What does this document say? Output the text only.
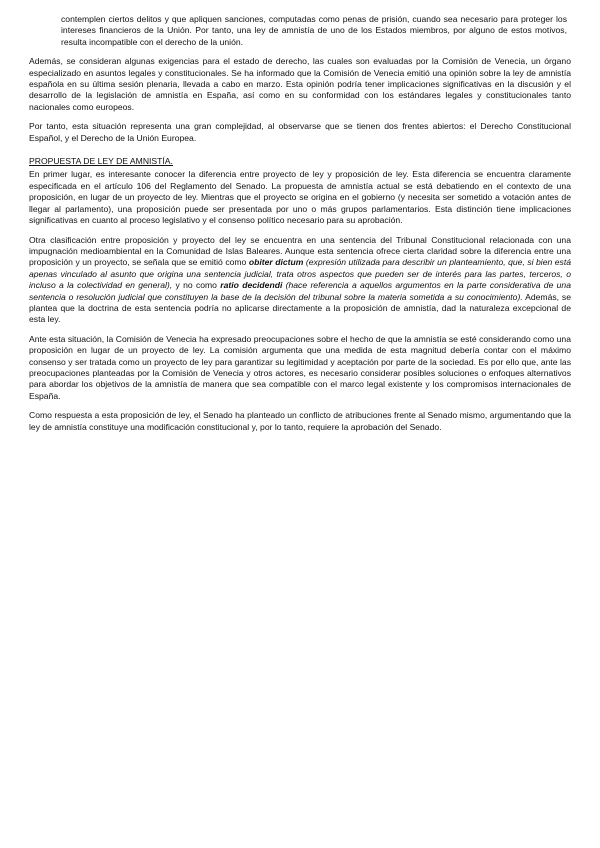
contemplen ciertos delitos y que apliquen sanciones, computadas como penas de prisión, cuando sea necesario para proteger los intereses financieros de la Unión. Por tanto, una ley de amnistía de uno de los Estados miembros, por alguno de estos motivos, resulta incompatible con el derecho de la unión.

Además, se consideran algunas exigencias para el estado de derecho, las cuales son evaluadas por la Comisión de Venecia, un órgano especializado en asuntos legales y constitucionales. Se ha informado que la Comisión de Venecia emitió una opinión sobre la ley de amnistía española en su última sesión plenaria, llevada a cabo en marzo. Esta opinión podría tener implicaciones significativas en la discusión y el desarrollo de la legislación de amnistía en España, así como en su conformidad con los estándares legales y constitucionales tanto nacionales como europeos.

Por tanto, esta situación representa una gran complejidad, al observarse que se tienen dos frentes abiertos: el Derecho Constitucional Español, y el Derecho de la Unión Europea.

PROPUESTA DE LEY DE AMNISTÍA.

En primer lugar, es interesante conocer la diferencia entre proyecto de ley y proposición de ley. Esta diferencia se encuentra claramente especificada en el artículo 106 del Reglamento del Senado. La propuesta de amnistía actual se está debatiendo en el contexto de una proposición, en lugar de un proyecto de ley. Mientras que el proyecto se origina en el gobierno (y necesita ser sometido a votación antes de llegar al parlamento), una proposición puede ser presentada por uno o más grupos parlamentarios. Esta distinción tiene implicaciones significativas en cuanto al proceso legislativo y el consenso político necesario para su aprobación.

Otra clasificación entre proposición y proyecto del ley se encuentra en una sentencia del Tribunal Constitucional relacionada con una impugnación medioambiental en la Comunidad de Islas Baleares. Aunque esta sentencia ofrece cierta claridad sobre la diferencia entre una proposición y un proyecto, se señala que se emitió como obiter dictum (expresión utilizada para describir un planteamiento, que, si bien está apenas vinculado al asunto que origina una sentencia judicial, trata otros aspectos que pueden ser de interés para las partes, terceros, o incluso a la colectividad en general), y no como ratio decidendi (hace referencia a aquellos argumentos en la parte considerativa de una sentencia o resolución judicial que constituyen la base de la decisión del tribunal sobre la materia sometida a su conocimiento). Además, se plantea que la doctrina de esta sentencia podría no aplicarse directamente a la proposición de amnistía, dad la naturaleza excepcional de esta ley.

Ante esta situación, la Comisión de Venecia ha expresado preocupaciones sobre el hecho de que la amnistía se esté considerando como una proposición en lugar de un proyecto de ley. La comisión argumenta que una medida de esta magnitud debería contar con el máximo consenso y ser tratada como un proyecto de ley para garantizar su legitimidad y aceptación por parte de la sociedad. Es por ello que, ante las preocupaciones planteadas por la Comisión de Venecia y otros actores, es necesario considerar posibles soluciones o enfoques alternativos para abordar los objetivos de la amnistía de manera que sea compatible con el marco legal existente y los compromisos internacionales de España.

Como respuesta a esta proposición de ley, el Senado ha planteado un conflicto de atribuciones frente al Senado mismo, argumentando que la ley de amnistía constituye una modificación constitucional y, por lo tanto, requiere la aprobación del Senado.
